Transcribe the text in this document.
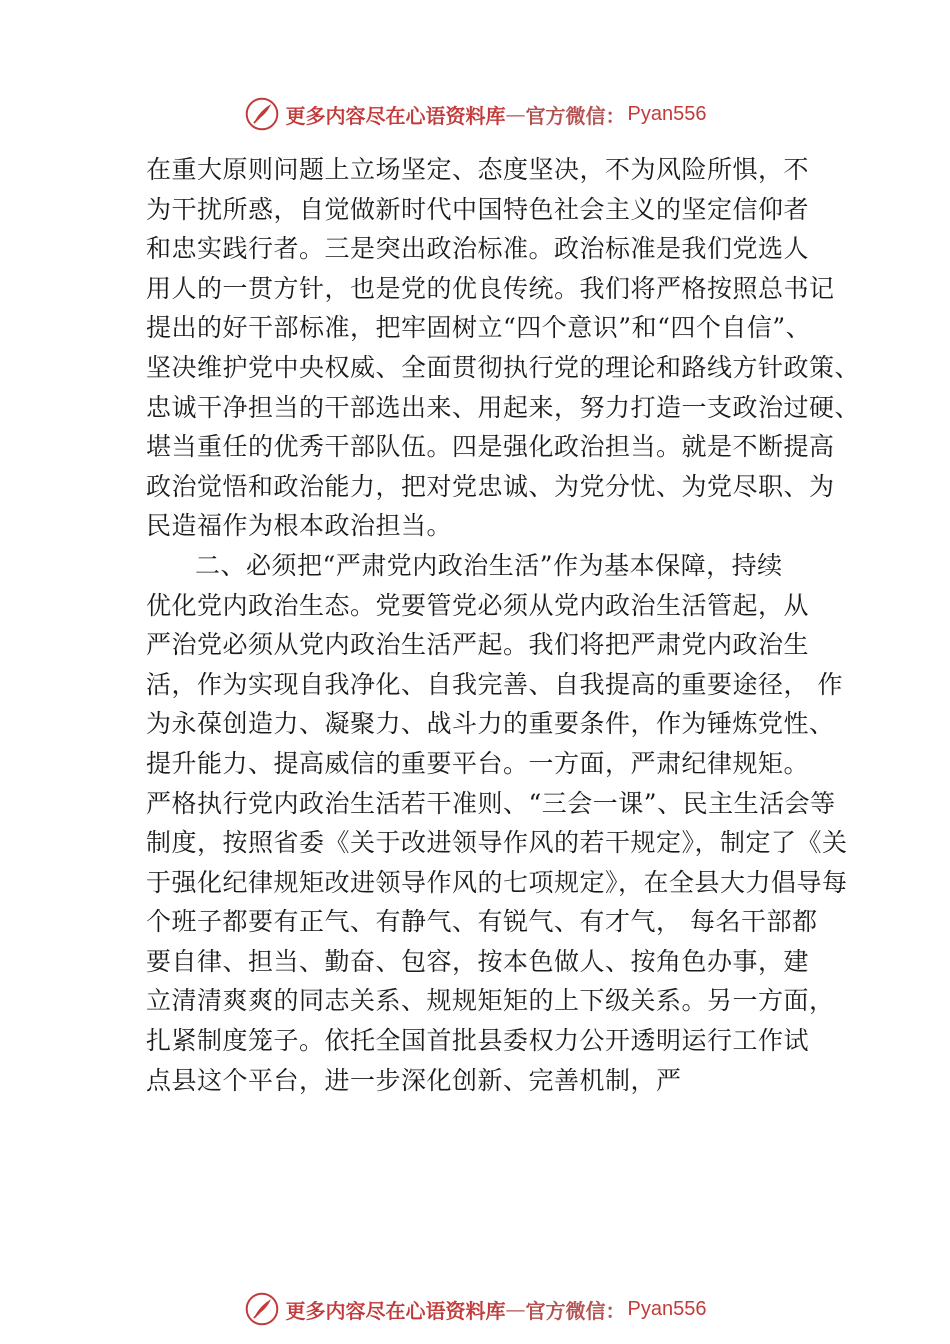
更多内容尽在心语资料库 — 官方微信： Pyan556
在重大原则问题上立场坚定、态度坚决，不为风险所惧，不
为干扰所惑，自觉做新时代中国特色社会主义的坚定信仰者
和忠实践行者。三是突出政治标准。政治标准是我们党选人
用人的一贯方针，也是党的优良传统。我们将严格按照总书记
提出的好干部标准，把牢固树立“四个意识”和“四个自信”、
坚决维护党中央权威、全面贯彻执行党的理论和路线方针政策、
忠诚干净担当的干部选出来、用起来，努力打造一支政治过硬、
堪当重任的优秀干部队伍。四是强化政治担当。就是不断提高
政治觉悟和政治能力，把对党忠诚、为党分忧、为党尽职、为
民造福作为根本政治担当。
二、必须把“严肃党内政治生活”作为基本保障，持续
优化党内政治生态。党要管党必须从党内政治生活管起，从
严治党必须从党内政治生活严起。我们将把严肃党内政治生
活，作为实现自我净化、自我完善、自我提高的重要途径， 作
为永葆创造力、凝聚力、战斗力的重要条件，作为锤炼党性、
提升能力、提高威信的重要平台。一方面，严肃纪律规矩。
严格执行党内政治生活若干准则、“三会一课”、民主生活会等
制度，按照省委《关于改进领导作风的若干规定》，制定了《关
于强化纪律规矩改进领导作风的七项规定》，在全县大力倡导每
个班子都要有正气、有静气、有锐气、有才气， 每名干部都
要自律、担当、勤奋、包容，按本色做人、按角色办事，建
立清清爽爽的同志关系、规规矩矩的上下级关系。另一方面，
扎紧制度笼子。依托全国首批县委权力公开透明运行工作试
点县这个平台，进一步深化创新、完善机制，严
更多内容尽在心语资料库 — 官方微信： Pyan556
